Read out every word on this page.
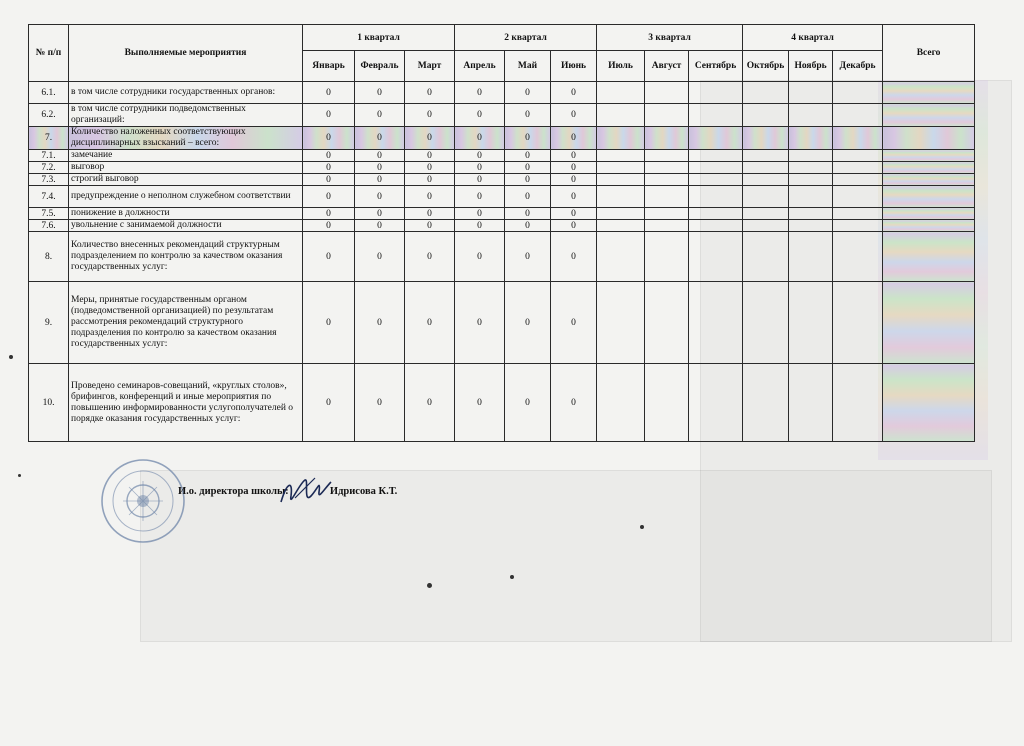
№ п/п	Выполняемые мероприятия	1 квартал			2 квартал			3 квартал			4 квартал			Всего
		Январь	Февраль	Март	Апрель	Май	Июнь	Июль	Август	Сентябрь	Октябрь	Ноябрь	Декабрь	
6.1.	в том числе сотрудники государственных органов:	0	0	0	0	0	0							
6.2.	в том числе сотрудники подведомственных организаций:	0	0	0	0	0	0							
7.	Количество наложенных соответствующих дисциплинарных взысканий – всего:	0	0	0	0	0	0							
7.1.	замечание	0	0	0	0	0	0							
7.2.	выговор	0	0	0	0	0	0							
7.3.	строгий выговор	0	0	0	0	0	0							
7.4.	предупреждение о неполном служебном соответствии	0	0	0	0	0	0							
7.5.	понижение в должности	0	0	0	0	0	0							
7.6.	увольнение с занимаемой должности	0	0	0	0	0	0							
8.	Количество внесенных рекомендаций структурным подразделением по контролю за качеством оказания государственных услуг:	0	0	0	0	0	0							
9.	Меры, принятые государственным органом (подведомственной организацией) по результатам рассмотрения рекомендаций структурного подразделения по контролю за качеством оказания государственных услуг:	0	0	0	0	0	0							
10.	Проведено семинаров-совещаний, «круглых столов», брифингов, конференций и иные мероприятия по повышению информированности услугополучателей о порядке оказания государственных услуг:	0	0	0	0	0	0							
И.о. директора школы:	Идрисова К.Т.
